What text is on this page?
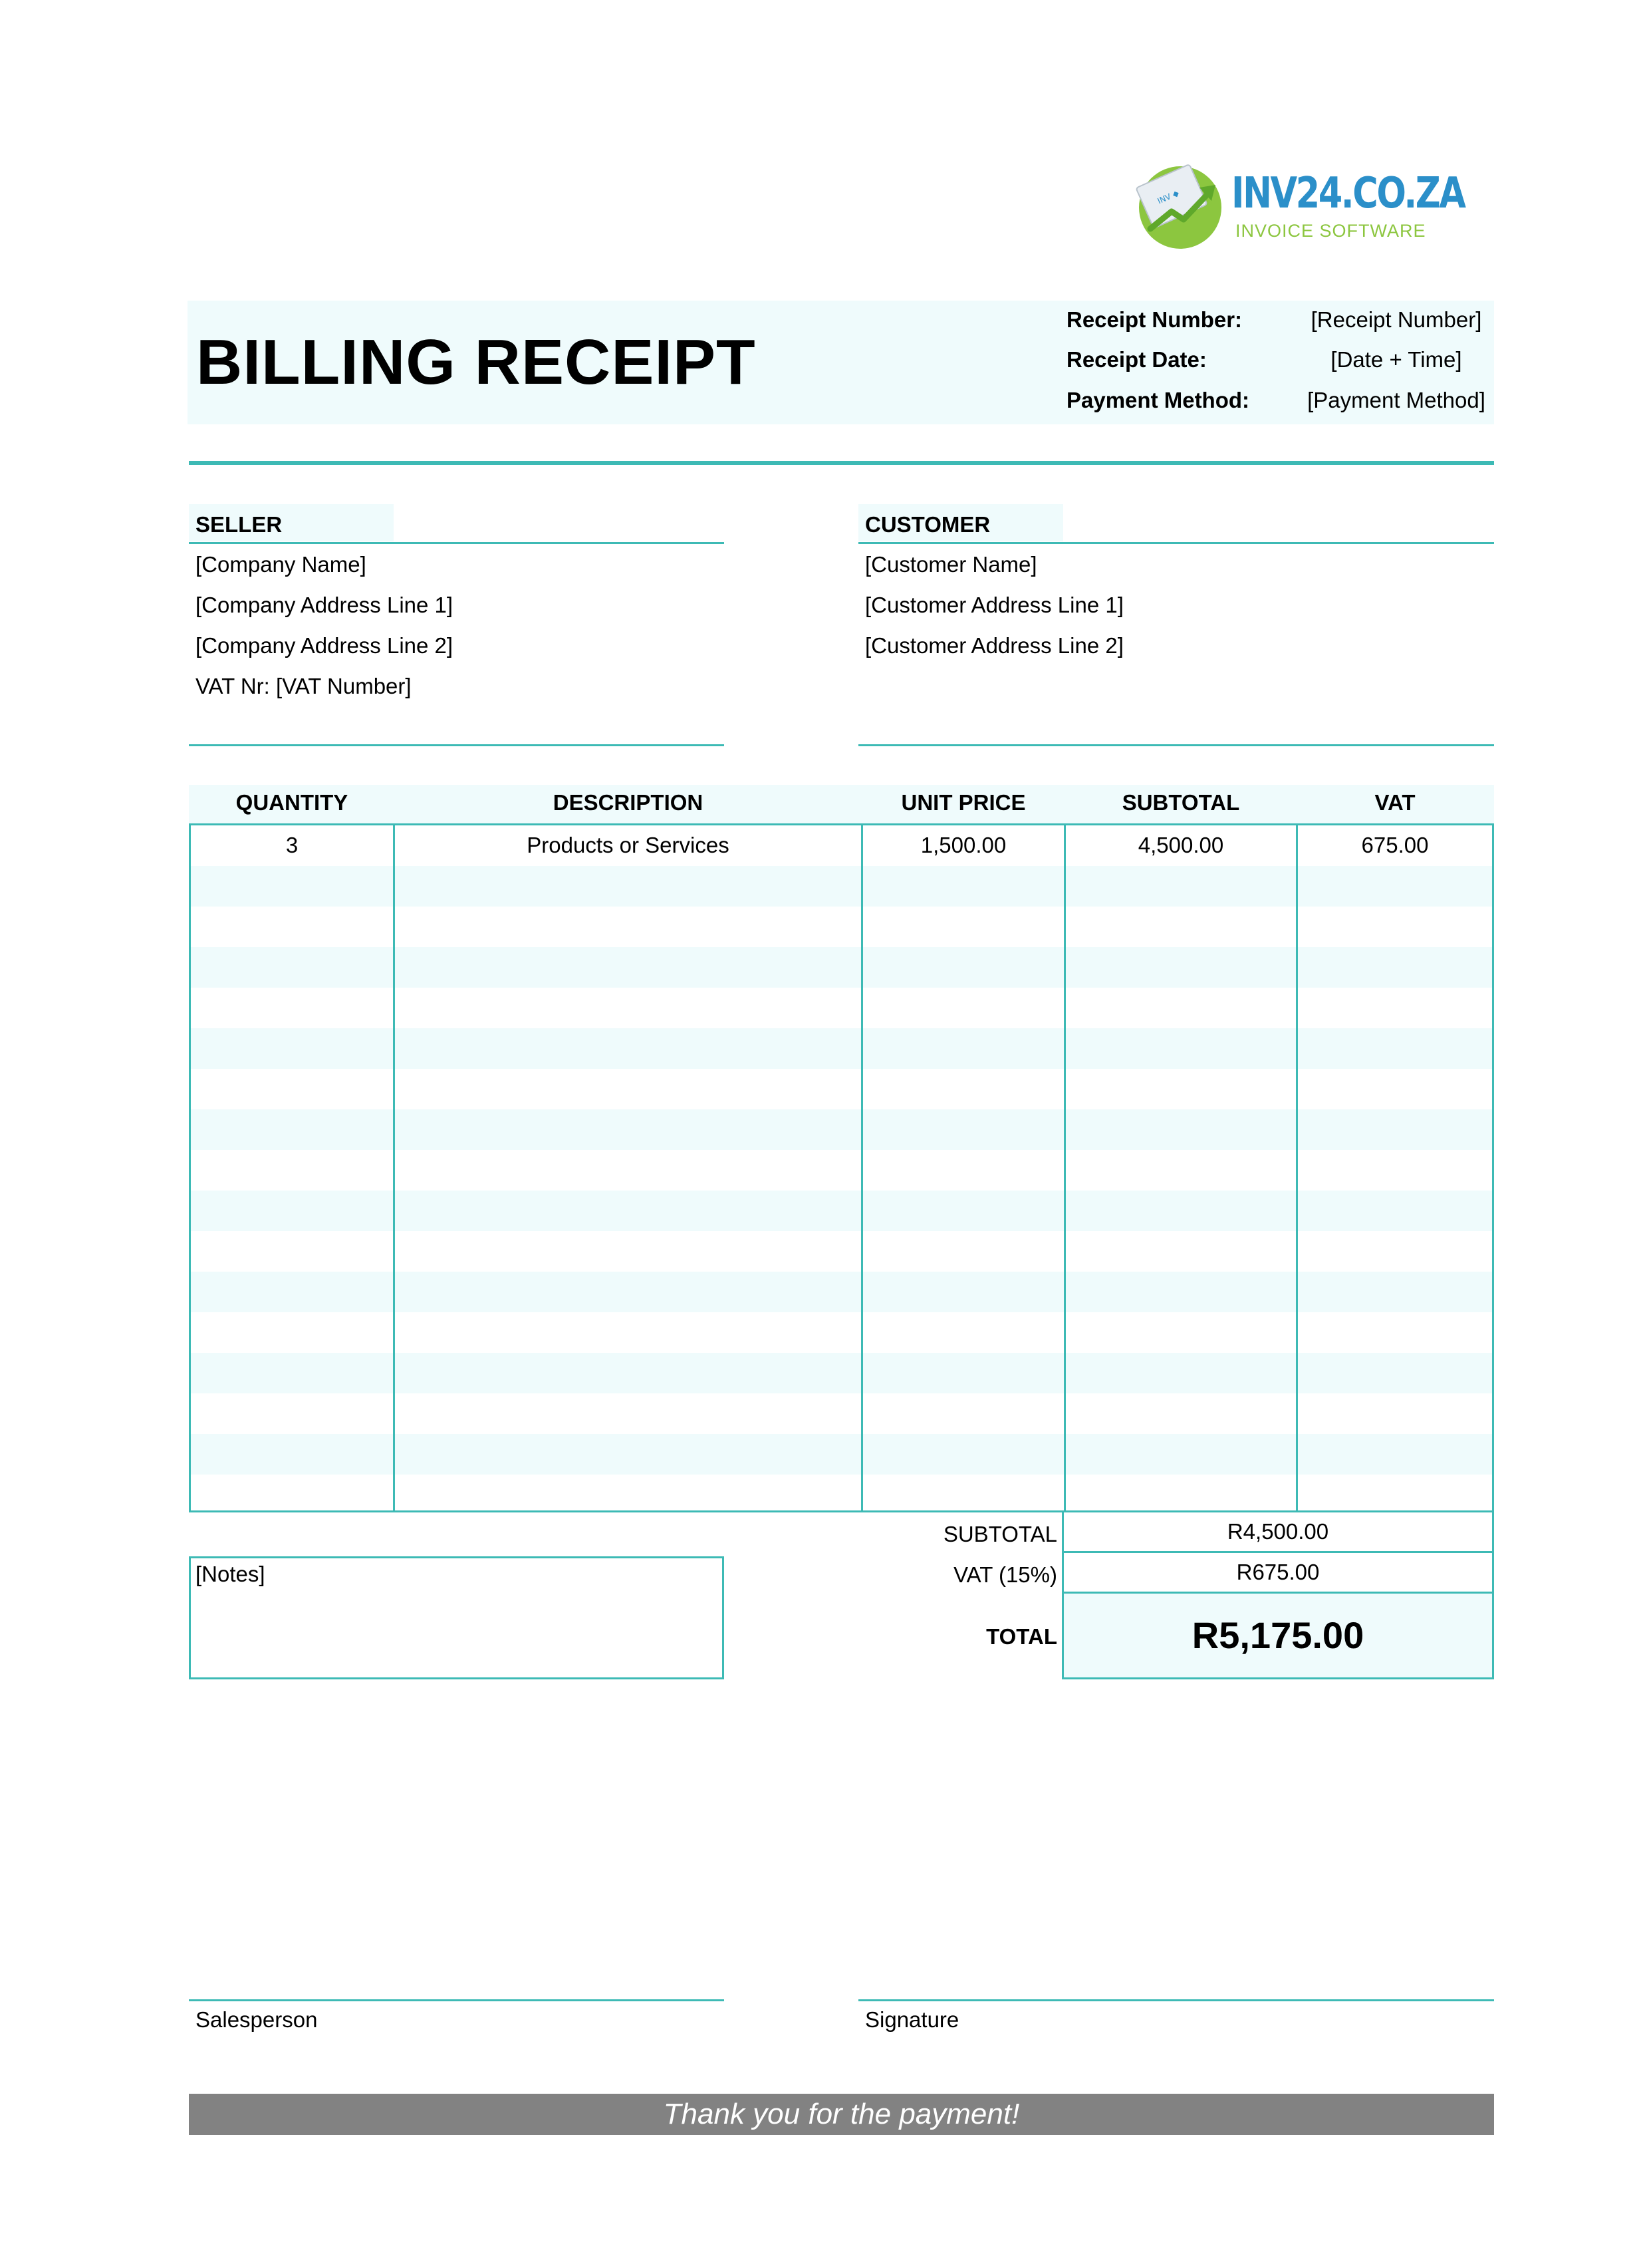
INV ◆ INV24.CO.ZA
INVOICE SOFTWARE
BILLING RECEIPT
Receipt Number:	[Receipt Number]
Receipt Date:	[Date + Time]
Payment Method:	[Payment Method]
SELLER
[Company Name]
[Company Address Line 1]
[Company Address Line 2]
VAT Nr: [VAT Number]
CUSTOMER
[Customer Name]
[Customer Address Line 1]
[Customer Address Line 2]
QUANTITY	DESCRIPTION	UNIT PRICE	SUBTOTAL	VAT
3	Products or Services	1,500.00	4,500.00	675.00
SUBTOTAL	R4,500.00
VAT (15%)	R675.00
TOTAL	R5,175.00
[Notes]
Salesperson	Signature
Thank you for the payment!
